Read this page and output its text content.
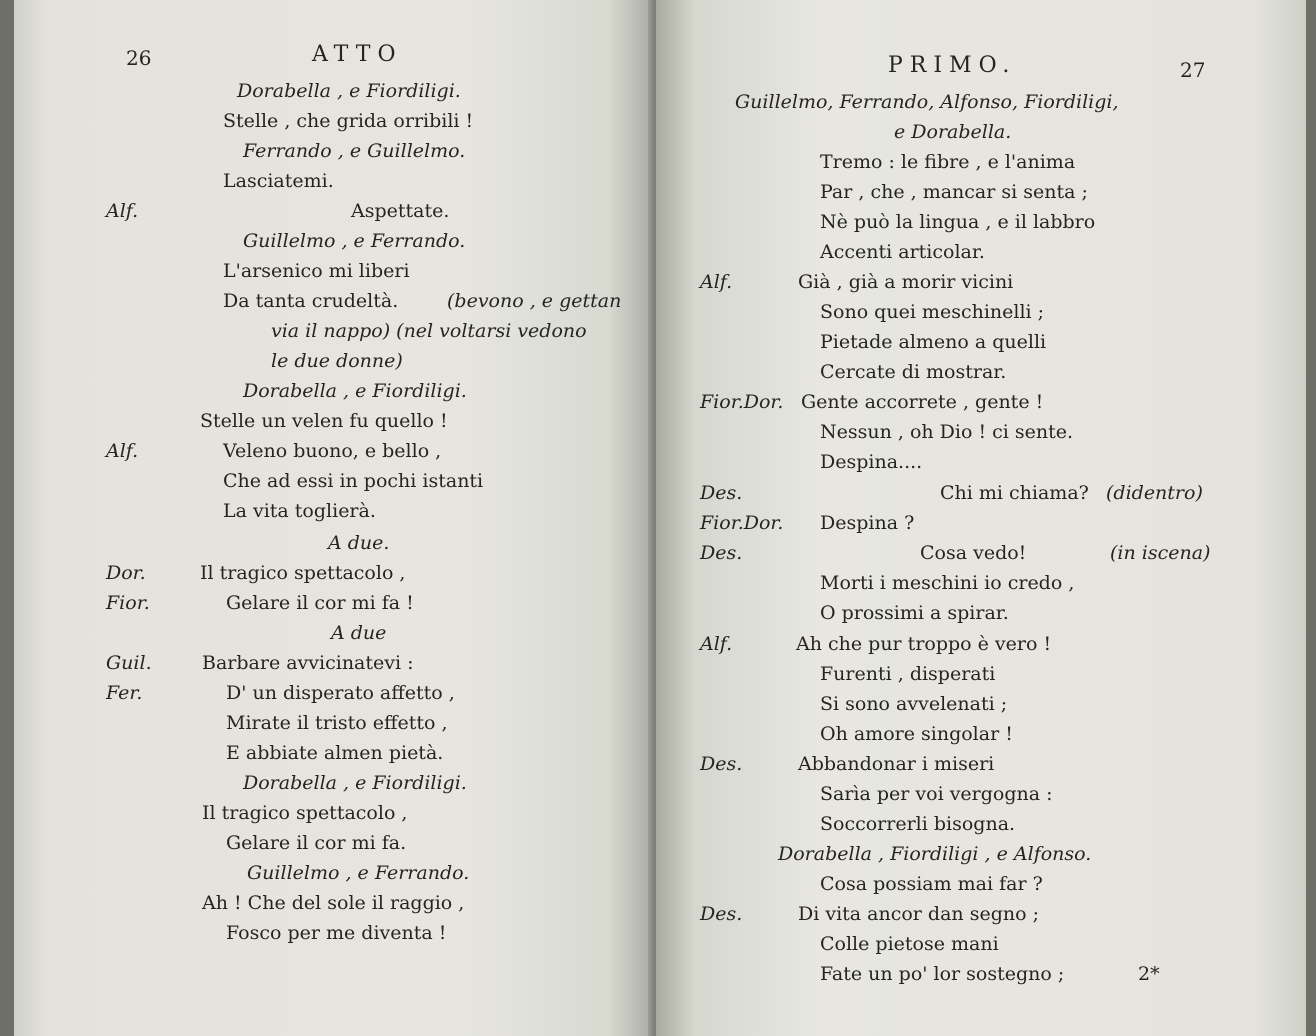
26	ATTO
Dorabella , e Fiordiligi.
Stelle , che grida orribili !
Ferrando , e Guillelmo.
Lasciatemi.
Alf.	Aspettate.
Guillelmo , e Ferrando.
L'arsenico mi liberi
Da tanta crudeltà.	(bevono , e gettan
via il nappo) (nel voltarsi vedono
le due donne)
Dorabella , e Fiordiligi.
Stelle un velen fu quello !
Alf.	Veleno buono, e bello ,
Che ad essi in pochi istanti
La vita toglierà.
A due.
Dor.	Il tragico spettacolo ,
Fior.	Gelare il cor mi fa !
A due
Guil.	Barbare avvicinatevi :
Fer.	D' un disperato affetto ,
Mirate il tristo effetto ,
E abbiate almen pietà.
Dorabella , e Fiordiligi.
Il tragico spettacolo ,
Gelare il cor mi fa.
Guillelmo , e Ferrando.
Ah ! Che del sole il raggio ,
Fosco per me diventa !
PRIMO.	27
Guillelmo, Ferrando, Alfonso, Fiordiligi,
e Dorabella.
Tremo : le fibre , e l'anima
Par , che , mancar si senta ;
Nè può la lingua , e il labbro
Accenti articolar.
Alf.	Già , già a morir vicini
Sono quei meschinelli ;
Pietade almeno a quelli
Cercate di mostrar.
Fior.Dor. Gente accorrete , gente !
Nessun , oh Dio ! ci sente.
Despina....
Des.	Chi mi chiama? (didentro)
Fior.Dor. Despina ?
Des.	Cosa vedo!	(in iscena)
Morti i meschini io credo ,
O prossimi a spirar.
Alf.	Ah che pur troppo è vero !
Furenti , disperati
Si sono avvelenati ;
Oh amore singolar !
Des.	Abbandonar i miseri
Sarìa per voi vergogna :
Soccorrerli bisogna.
Dorabella , Fiordiligi , e Alfonso.
Cosa possiam mai far ?
Des.	Di vita ancor dan segno ;
Colle pietose mani
Fate un po' lor sostegno ;	2*
